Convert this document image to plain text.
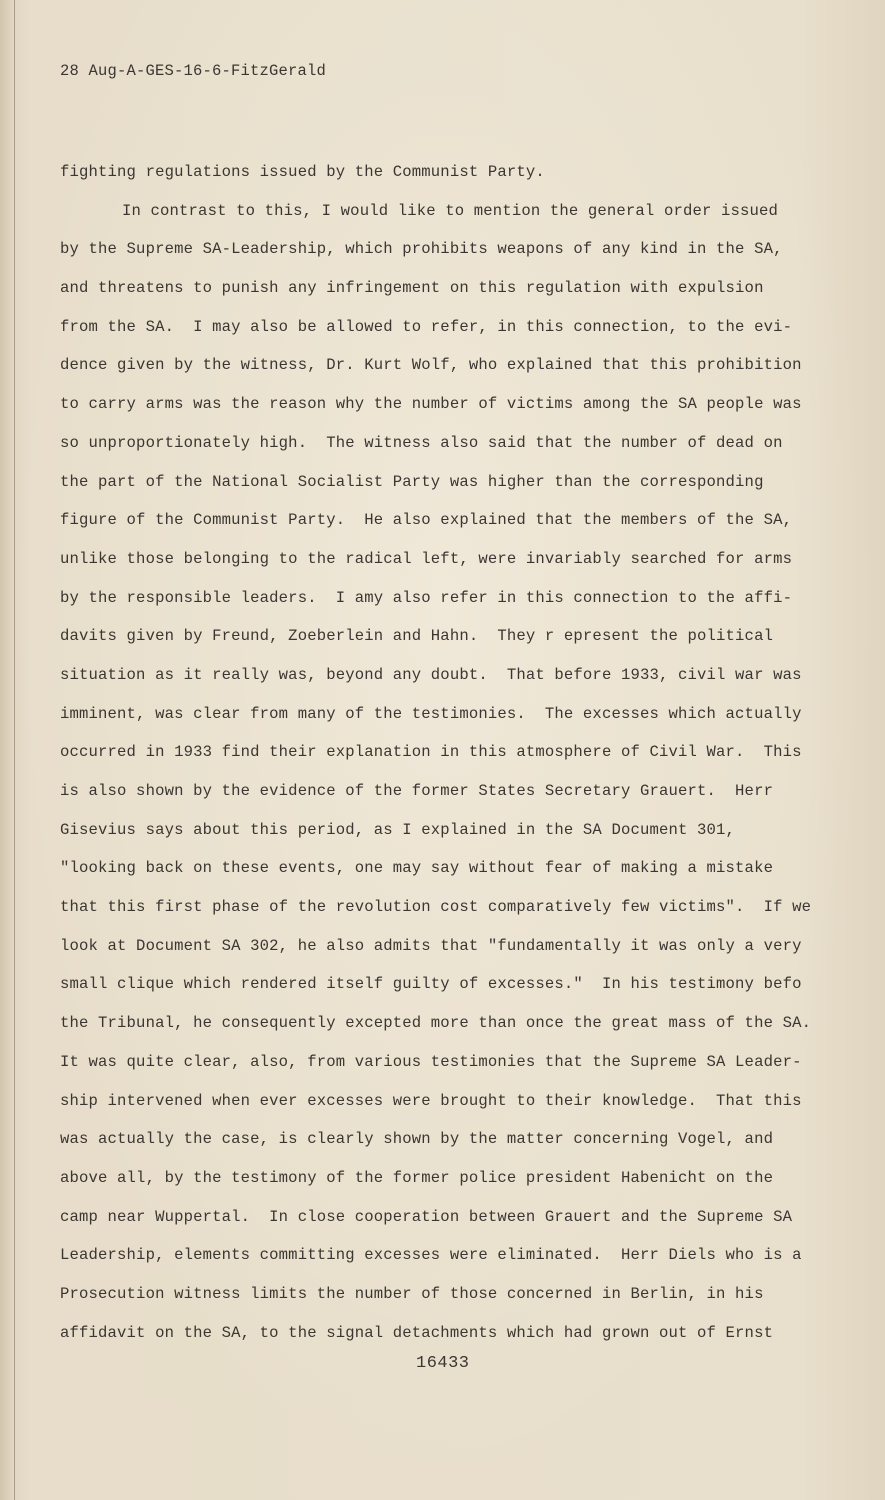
28 Aug-A-GES-16-6-FitzGerald
fighting regulations issued by the Communist Party.
In contrast to this, I would like to mention the general order issued
by the Supreme SA-Leadership, which prohibits weapons of any kind in the SA,
and threatens to punish any infringement on this regulation with expulsion
from the SA.  I may also be allowed to refer, in this connection, to the evi-
dence given by the witness, Dr. Kurt Wolf, who explained that this prohibition
to carry arms was the reason why the number of victims among the SA people was
so unproportionately high.  The witness also said that the number of dead on
the part of the National Socialist Party was higher than the corresponding
figure of the Communist Party.  He also explained that the members of the SA,
unlike those belonging to the radical left, were invariably searched for arms
by the responsible leaders.  I amy also refer in this connection to the affi-
davits given by Freund, Zoeberlein and Hahn.  They r epresent the political
situation as it really was, beyond any doubt.  That before 1933, civil war was
imminent, was clear from many of the testimonies.  The excesses which actually
occurred in 1933 find their explanation in this atmosphere of Civil War.  This
is also shown by the evidence of the former States Secretary Grauert.  Herr
Gisevius says about this period, as I explained in the SA Document 301,
"looking back on these events, one may say without fear of making a mistake
that this first phase of the revolution cost comparatively few victims".  If we
look at Document SA 302, he also admits that "fundamentally it was only a very
small clique which rendered itself guilty of excesses."  In his testimony befo
the Tribunal, he consequently excepted more than once the great mass of the SA.
It was quite clear, also, from various testimonies that the Supreme SA Leader-
ship intervened when ever excesses were brought to their knowledge.  That this
was actually the case, is clearly shown by the matter concerning Vogel, and
above all, by the testimony of the former police president Habenicht on the
camp near Wuppertal.  In close cooperation between Grauert and the Supreme SA
Leadership, elements committing excesses were eliminated.  Herr Diels who is a
Prosecution witness limits the number of those concerned in Berlin, in his
affidavit on the SA, to the signal detachments which had grown out of Ernst
16433
